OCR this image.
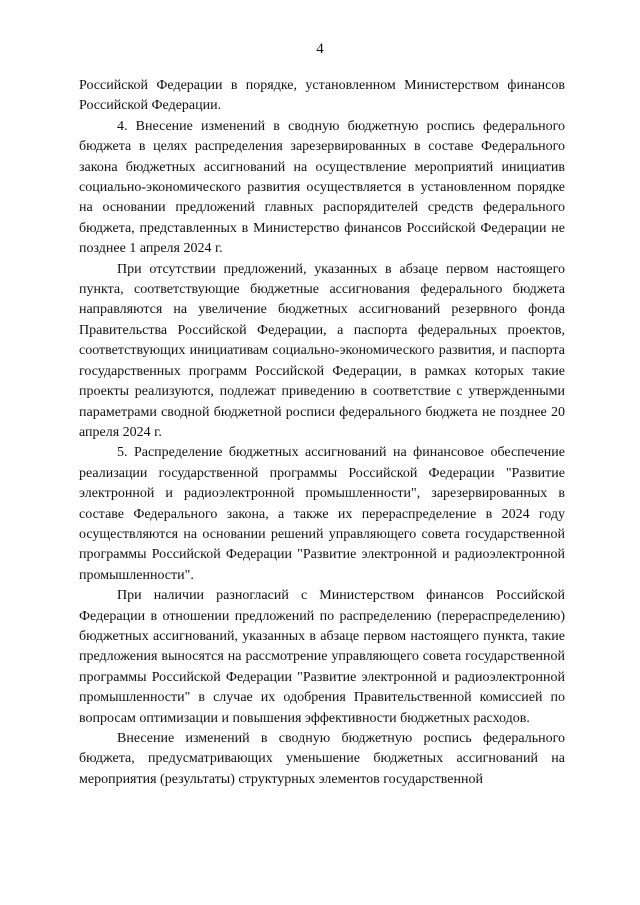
4

Российской Федерации в порядке, установленном Министерством финансов Российской Федерации.

4. Внесение изменений в сводную бюджетную роспись федерального бюджета в целях распределения зарезервированных в составе Федерального закона бюджетных ассигнований на осуществление мероприятий инициатив социально-экономического развития осуществляется в установленном порядке на основании предложений главных распорядителей средств федерального бюджета, представленных в Министерство финансов Российской Федерации не позднее 1 апреля 2024 г.

При отсутствии предложений, указанных в абзаце первом настоящего пункта, соответствующие бюджетные ассигнования федерального бюджета направляются на увеличение бюджетных ассигнований резервного фонда Правительства Российской Федерации, а паспорта федеральных проектов, соответствующих инициативам социально-экономического развития, и паспорта государственных программ Российской Федерации, в рамках которых такие проекты реализуются, подлежат приведению в соответствие с утвержденными параметрами сводной бюджетной росписи федерального бюджета не позднее 20 апреля 2024 г.

5. Распределение бюджетных ассигнований на финансовое обеспечение реализации государственной программы Российской Федерации "Развитие электронной и радиоэлектронной промышленности", зарезервированных в составе Федерального закона, а также их перераспределение в 2024 году осуществляются на основании решений управляющего совета государственной программы Российской Федерации "Развитие электронной и радиоэлектронной промышленности".

При наличии разногласий с Министерством финансов Российской Федерации в отношении предложений по распределению (перераспределению) бюджетных ассигнований, указанных в абзаце первом настоящего пункта, такие предложения выносятся на рассмотрение управляющего совета государственной программы Российской Федерации "Развитие электронной и радиоэлектронной промышленности" в случае их одобрения Правительственной комиссией по вопросам оптимизации и повышения эффективности бюджетных расходов.

Внесение изменений в сводную бюджетную роспись федерального бюджета, предусматривающих уменьшение бюджетных ассигнований на мероприятия (результаты) структурных элементов государственной
